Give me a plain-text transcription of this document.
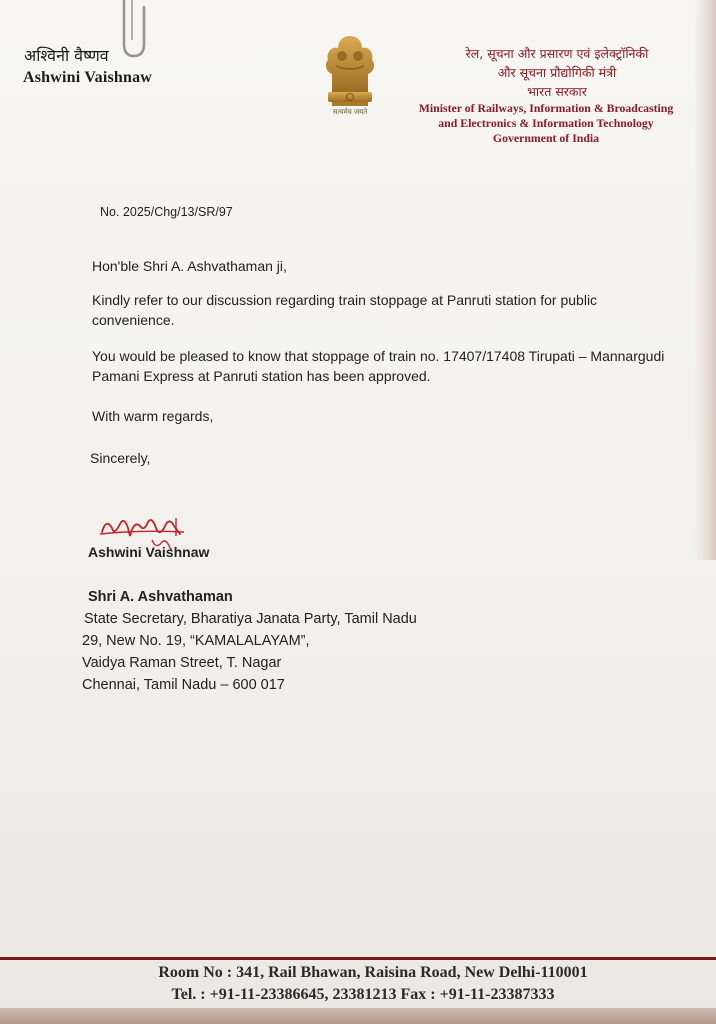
अश्विनी वैष्णव
Ashwini Vaishnaw
सत्यमेव जयते
रेल, सूचना और प्रसारण एवं इलेक्ट्रॉनिकी
और सूचना प्रौद्योगिकी मंत्री
भारत सरकार
Minister of Railways, Information & Broadcasting
and Electronics & Information Technology
Government of India
No. 2025/Chg/13/SR/97
Hon'ble Shri A. Ashvathaman ji,
Kindly refer to our discussion regarding train stoppage at Panruti station for public convenience.
You would be pleased to know that stoppage of train no. 17407/17408 Tirupati – Mannargudi Pamani Express at Panruti station has been approved.
With warm regards,
Sincerely,
Ashwini Vaishnaw
Shri A. Ashvathaman
State Secretary, Bharatiya Janata Party, Tamil Nadu
29, New No. 19, “KAMALALAYAM”,
Vaidya Raman Street, T. Nagar
Chennai, Tamil Nadu – 600 017
Room No : 341, Rail Bhawan, Raisina Road, New Delhi-110001
Tel. : +91-11-23386645, 23381213 Fax : +91-11-23387333
